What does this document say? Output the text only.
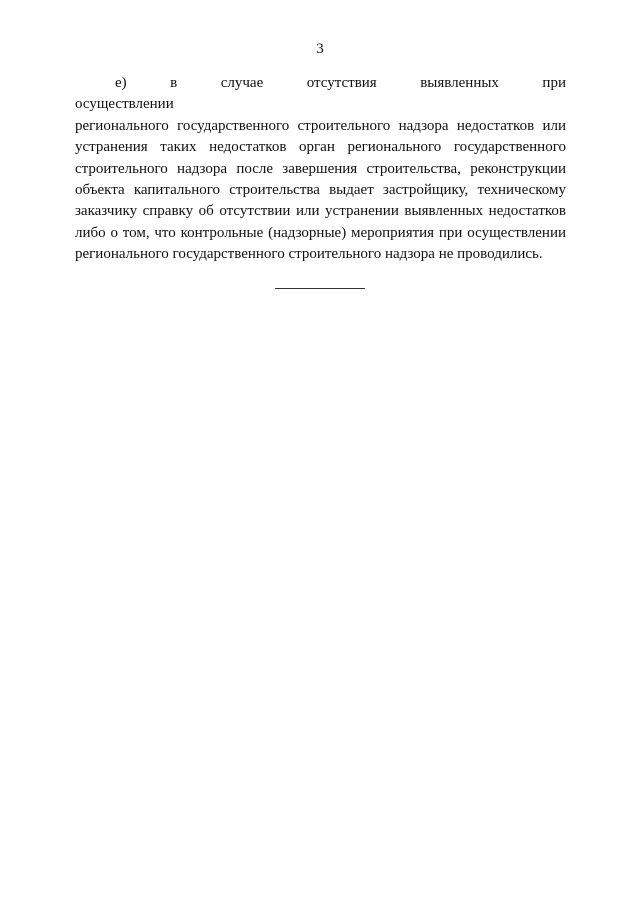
3
е) в случае отсутствия выявленных при осуществлении
регионального государственного строительного надзора недостатков или
устранения таких недостатков орган регионального государственного
строительного надзора после завершения строительства, реконструкции
объекта капитального строительства выдает застройщику, техническому
заказчику справку об отсутствии или устранении выявленных недостатков
либо о том, что контрольные (надзорные) мероприятия при осуществлении
регионального государственного строительного надзора не проводились.
